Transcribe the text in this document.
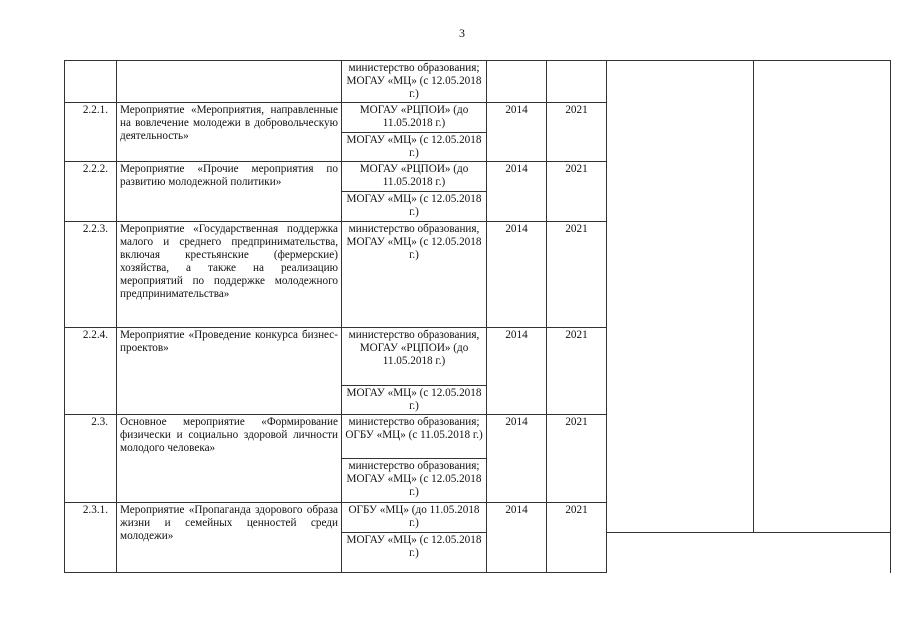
3
		министерство образования; МОГАУ «МЦ» (с 12.05.2018 г.)					
2.2.1.	Мероприятие «Мероприятия, направленные на вовлечение молодежи в добровольческую деятельность»	МОГАУ «РЦПОИ» (до 11.05.2018 г.)	2014	2021			
		МОГАУ «МЦ» (с 12.05.2018 г.)					
2.2.2.	Мероприятие «Прочие мероприятия по развитию молодежной политики»	МОГАУ «РЦПОИ» (до 11.05.2018 г.)	2014	2021			
		МОГАУ «МЦ» (с 12.05.2018 г.)					
2.2.3.	Мероприятие «Государственная поддержка малого и среднего предпринимательства, включая крестьянские (фермерские) хозяйства, а также на реализацию мероприятий по поддержке молодежного предпринимательства»	министерство образования, МОГАУ «МЦ» (с 12.05.2018 г.)	2014	2021			
2.2.4.	Мероприятие «Проведение конкурса бизнес-проектов»	министерство образования, МОГАУ «РЦПОИ» (до 11.05.2018 г.)	2014	2021			
		МОГАУ «МЦ» (с 12.05.2018 г.)					
2.3.	Основное мероприятие «Формирование физически и социально здоровой личности молодого человека»	министерство образования; ОГБУ «МЦ» (с 11.05.2018 г.)	2014	2021		
		министерство образования; МОГАУ «МЦ» (с 12.05.2018 г.)					
2.3.1.	Мероприятие «Пропаганда здорового образа жизни и семейных ценностей среди молодежи»	ОГБУ «МЦ» (до 11.05.2018 г.)	2014	2021			
		МОГАУ «МЦ» (с 12.05.2018 г.)					
